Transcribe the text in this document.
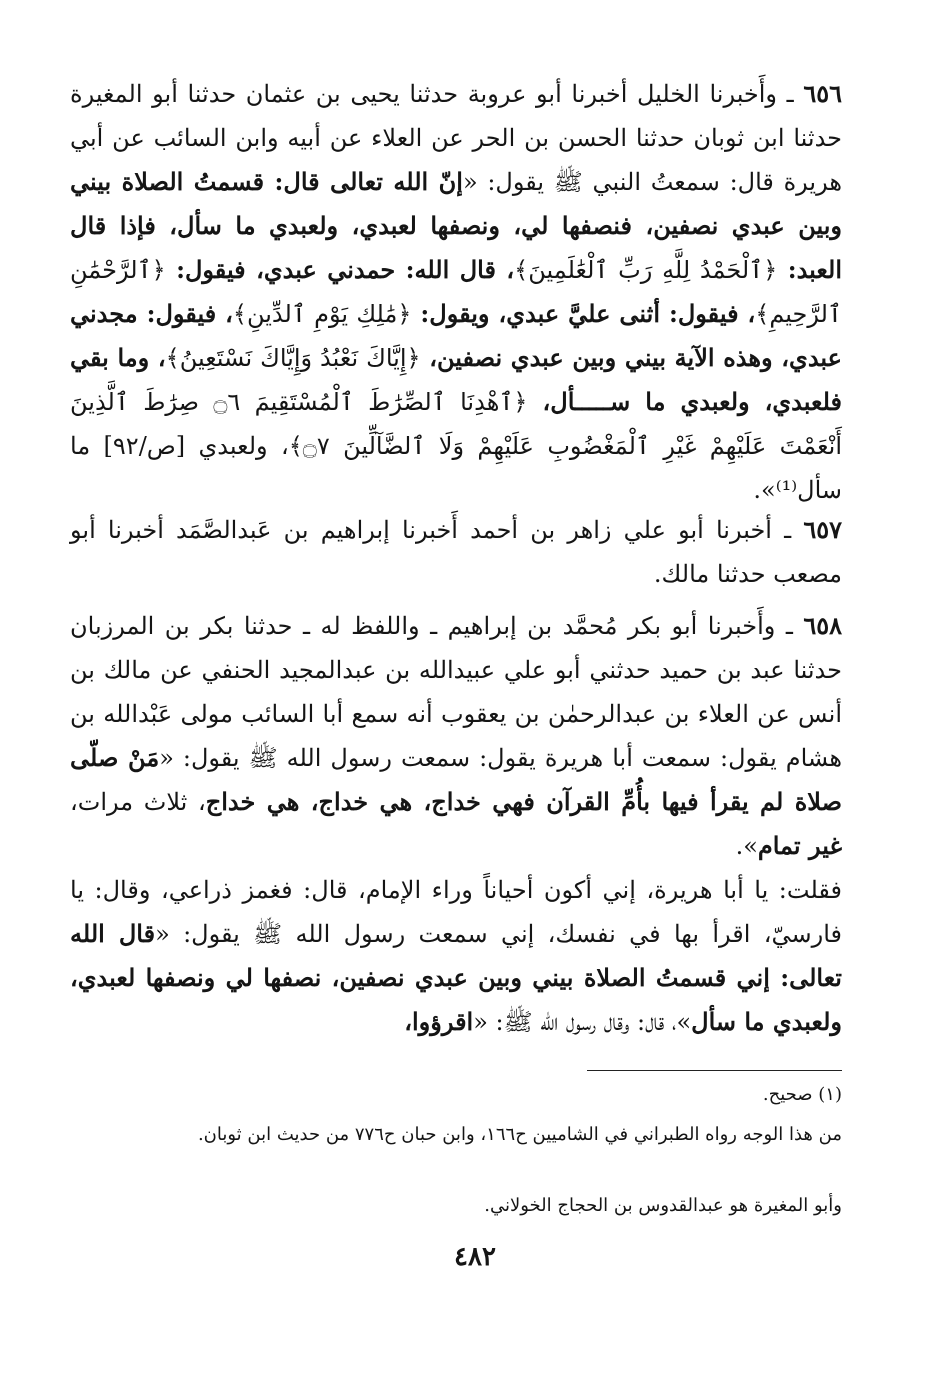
٦٥٦ ـ وأَخبرنا الخليل أخبرنا أبو عروبة حدثنا يحيى بن عثمان حدثنا أبو المغيرة حدثنا ابن ثوبان حدثنا الحسن بن الحر عن العلاء عن أبيه وابن السائب عن أبي هريرة قال: سمعتُ النبي ﷺ يقول: «إنّ الله تعالى قال: قسمتُ الصلاة بيني وبين عبدي نصفين، فنصفها لي، ونصفها لعبدي، ولعبدي ما سأل، فإذا قال العبد: ﴿ٱلْحَمْدُ لِلَّهِ رَبِّ ٱلْعَٰلَمِينَ﴾، قال الله: حمدني عبدي، فيقول: ﴿ٱلرَّحْمَٰنِ ٱلرَّحِيمِ﴾، فيقول: أثنى عليَّ عبدي، ويقول: ﴿مَٰلِكِ يَوْمِ ٱلدِّينِ﴾، فيقول: مجدني عبدي، وهذه الآية بيني وبين عبدي نصفين، ﴿إِيَّاكَ نَعْبُدُ وَإِيَّاكَ نَسْتَعِينُ﴾، وما بقي فلعبدي، ولعبدي ما ســـــأل، ﴿ٱهْدِنَا ٱلصِّرَٰطَ ٱلْمُسْتَقِيمَ ۝٦ صِرَٰطَ ٱلَّذِينَ أَنْعَمْتَ عَلَيْهِمْ غَيْرِ ٱلْمَغْضُوبِ عَلَيْهِمْ وَلَا ٱلضَّآلِّينَ ۝٧﴾، ولعبدي [ص/٩٢] ما سأل⁽¹⁾».
٦٥٧ ـ أخبرنا أبو علي زاهر بن أحمد أَخبرنا إبراهيم بن عَبدالصَّمَد أخبرنا أبو مصعب حدثنا مالك.
٦٥٨ ـ وأَخبرنا أبو بكر مُحمَّد بن إبراهيم ـ واللفظ له ـ حدثنا بكر بن المرزبان حدثنا عبد بن حميد حدثني أبو علي عبيدالله بن عبدالمجيد الحنفي عن مالك بن أنس عن العلاء بن عبدالرحمٰن بن يعقوب أنه سمع أبا السائب مولى عَبْدالله بن هشام يقول: سمعت أبا هريرة يقول: سمعت رسول الله ﷺ يقول: «مَنْ صلّى صلاة لم يقرأ فيها بأُمِّ القرآن فهي خداج، هي خداج، هي خداج، ثلاث مرات، غير تمام».
فقلت: يا أبا هريرة، إني أكون أحياناً وراء الإمام، قال: فغمز ذراعي، وقال: يا فارسيّ، اقرأ بها في نفسك، إني سمعت رسول الله ﷺ يقول: «قال الله تعالى: إني قسمتُ الصلاة بيني وبين عبدي نصفين، نصفها لي ونصفها لعبدي، ولعبدي ما سأل»، قال: وقال رسول الله ﷺ: «اقرؤوا،
(١) صحيح.
من هذا الوجه رواه الطبراني في الشاميين ح١٦٦، وابن حبان ح٧٧٦ من حديث ابن ثوبان.
وأبو المغيرة هو عبدالقدوس بن الحجاج الخولاني.
٤٨٢
